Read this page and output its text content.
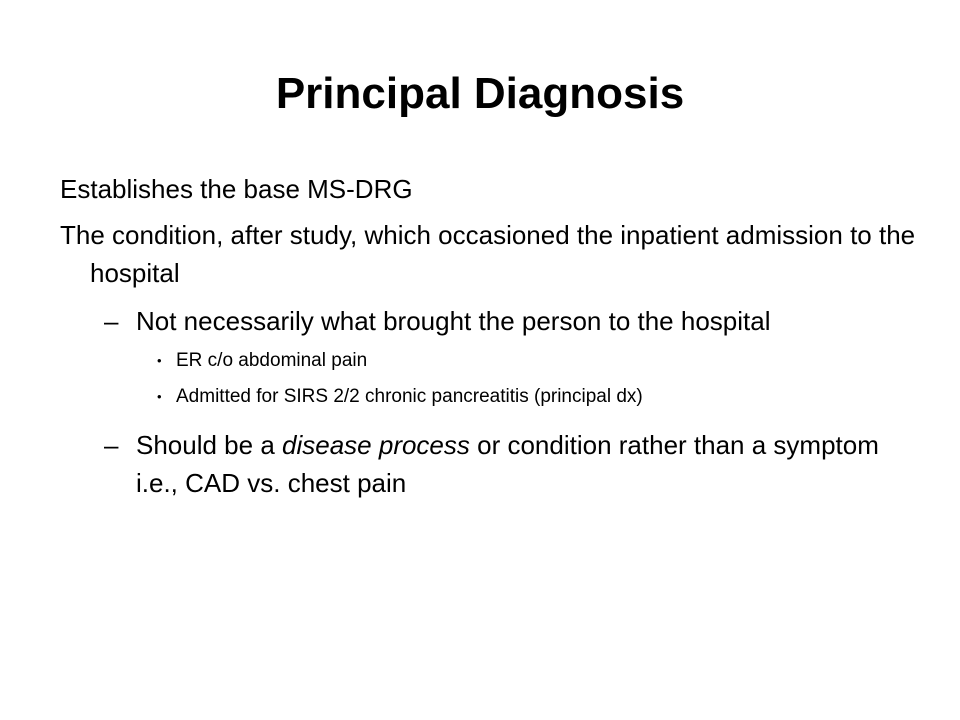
Principal Diagnosis
Establishes the base MS-DRG
The condition, after study, which occasioned the inpatient admission to the hospital
– Not necessarily what brought the person to the hospital
• ER c/o abdominal pain
• Admitted for SIRS 2/2 chronic pancreatitis (principal dx)
– Should be a disease process or condition rather than a symptom i.e., CAD vs. chest pain
